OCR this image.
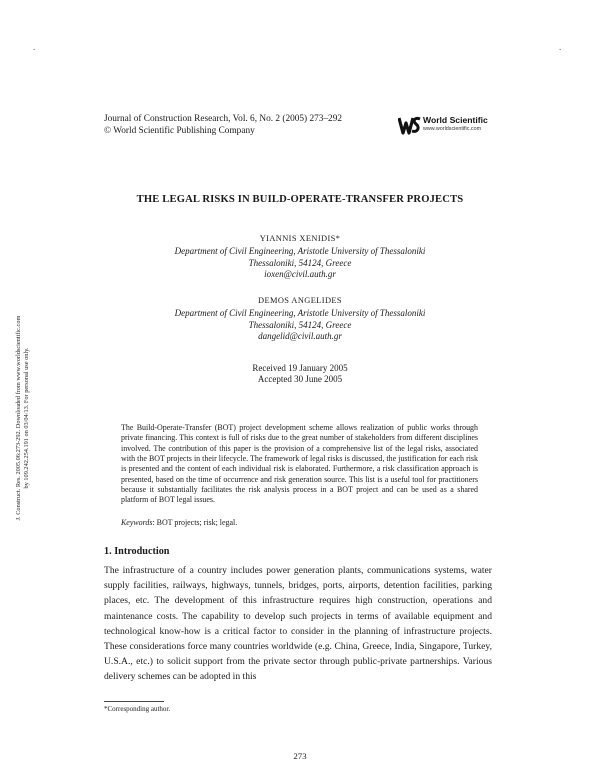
.	.
Journal of Construction Research, Vol. 6, No. 2 (2005) 273–292
© World Scientific Publishing Company
World Scientific
www.worldscientific.com
THE LEGAL RISKS IN BUILD-OPERATE-TRANSFER PROJECTS
YIANNIS XENIDIS*
Department of Civil Engineering, Aristotle University of Thessaloniki
Thessaloniki, 54124, Greece
ioxen@civil.auth.gr
DEMOS ANGELIDES
Department of Civil Engineering, Aristotle University of Thessaloniki
Thessaloniki, 54124, Greece
dangelid@civil.auth.gr
Received 19 January 2005
Accepted 30 June 2005
The Build-Operate-Transfer (BOT) project development scheme allows realization of public works through private financing. This context is full of risks due to the great number of stakeholders from different disciplines involved. The contribution of this paper is the provision of a comprehensive list of the legal risks, associated with the BOT projects in their lifecycle. The framework of legal risks is discussed, the justification for each risk is presented and the content of each individual risk is elaborated. Furthermore, a risk classification approach is presented, based on the time of occurrence and risk generation source. This list is a useful tool for practitioners because it substantially facilitates the risk analysis process in a BOT project and can be used as a shared platform of BOT legal issues.
Keywords: BOT projects; risk; legal.
1. Introduction
The infrastructure of a country includes power generation plants, communications systems, water supply facilities, railways, highways, tunnels, bridges, ports, airports, detention facilities, parking places, etc. The development of this infrastructure requires high construction, operations and maintenance costs. The capability to develop such projects in terms of available equipment and technological know-how is a critical factor to consider in the planning of infrastructure projects. These considerations force many countries worldwide (e.g. China, Greece, India, Singapore, Turkey, U.S.A., etc.) to solicit support from the private sector through public-private partnerships. Various delivery schemes can be adopted in this
*Corresponding author.
273
J. Construct. Res. 2005.06:273-292. Downloaded from www.worldscientific.com by 109.242.254.191 on 03/04/13. For personal use only.
